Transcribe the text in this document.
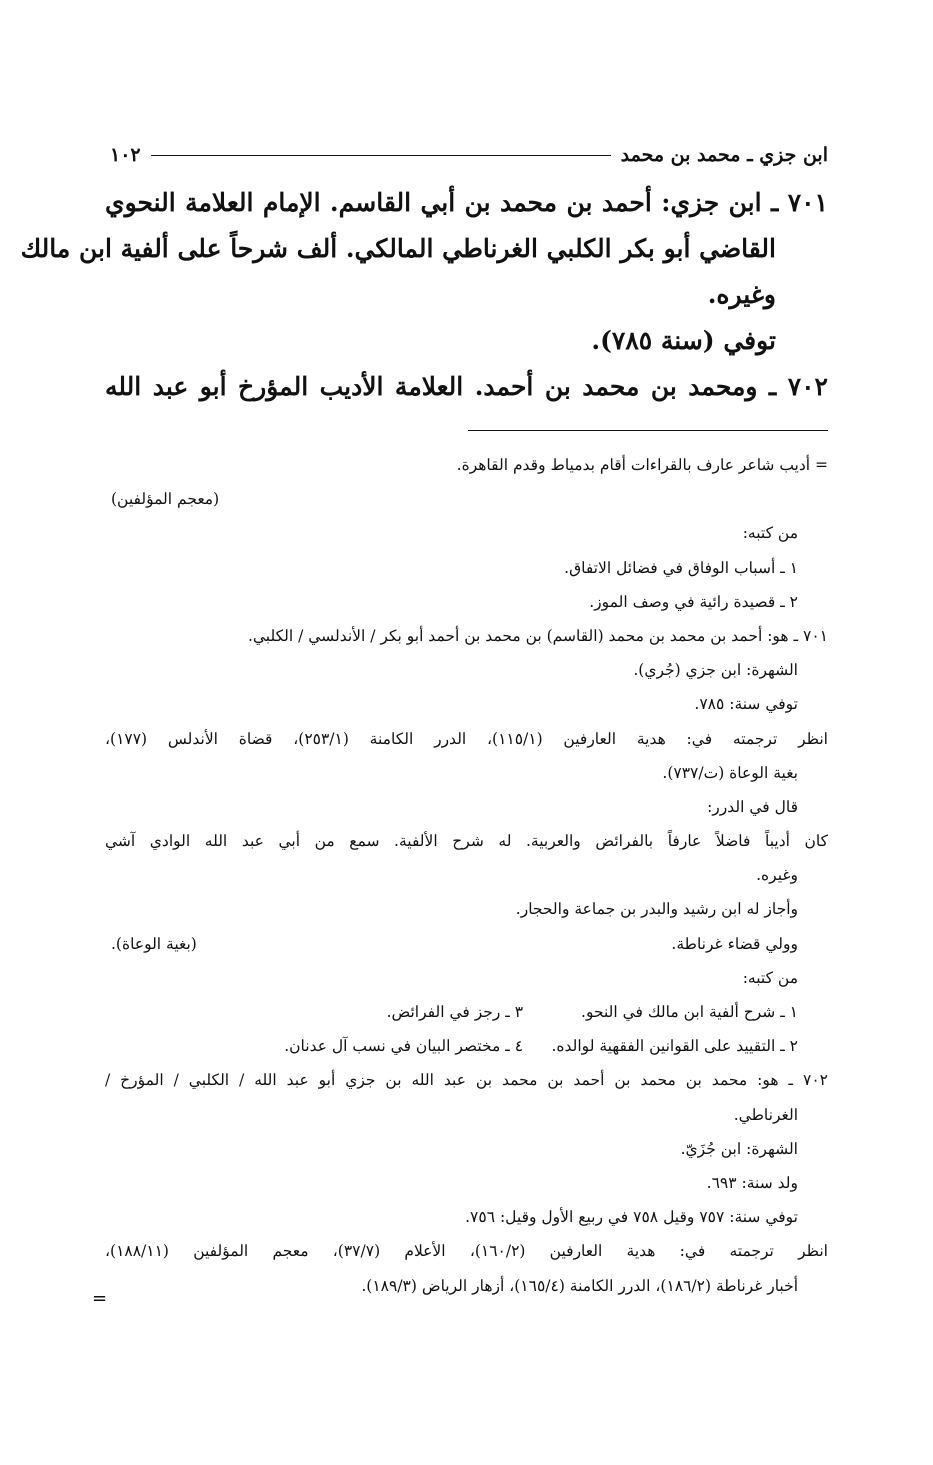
ابن جزي ـ محمد بن محمد
١٠٢
٧٠١ ـ ابن جزي: أحمد بن محمد بن أبي القاسم. الإمام العلامة النحوي
القاضي أبو بكر الكلبي الغرناطي المالكي. ألف شرحاً على ألفية ابن مالك
وغيره.
توفي (سنة ٧٨٥).
٧٠٢ ـ ومحمد بن محمد بن أحمد. العلامة الأديب المؤرخ أبو عبد الله
= أديب شاعر عارف بالقراءات أقام بدمياط وقدم القاهرة.
(معجم المؤلفين)
من كتبه:
١ ـ أسباب الوفاق في فضائل الاتفاق.
٢ ـ قصيدة رائية في وصف الموز.
٧٠١ ـ هو: أحمد بن محمد بن محمد (القاسم) بن محمد بن أحمد أبو بكر / الأندلسي / الكلبي.
الشهرة: ابن جزي (جُري).
توفي سنة: ٧٨٥.
انظر ترجمته في: هدية العارفين (١١٥/١)، الدرر الكامنة (٢٥٣/١)، قضاة الأندلس (١٧٧)،
بغية الوعاة (ت/٧٣٧).
قال في الدرر:
كان أديباً فاضلاً عارفاً بالفرائض والعربية. له شرح الألفية. سمع من أبي عبد الله الوادي آشي
وغيره.
وأجاز له ابن رشيد والبدر بن جماعة والحجار.
وولي قضاء غرناطة.
(بغية الوعاة).
من كتبه:
١ ـ شرح ألفية ابن مالك في النحو. ٣ ـ رجز في الفرائض.
٢ ـ التقييد على القوانين الفقهية لوالده. ٤ ـ مختصر البيان في نسب آل عدنان.
٧٠٢ ـ هو: محمد بن محمد بن أحمد بن محمد بن عبد الله بن جزي أبو عبد الله / الكلبي / المؤرخ /
الغرناطي.
الشهرة: ابن جُزَيّ.
ولد سنة: ٦٩٣.
توفي سنة: ٧٥٧ وقيل ٧٥٨ في ربيع الأول وقيل: ٧٥٦.
انظر ترجمته في: هدية العارفين (١٦٠/٢)، الأعلام (٣٧/٧)، معجم المؤلفين (١٨٨/١١)،
أخبار غرناطة (١٨٦/٢)، الدرر الكامنة (١٦٥/٤)، أزهار الرياض (١٨٩/٣).
=
